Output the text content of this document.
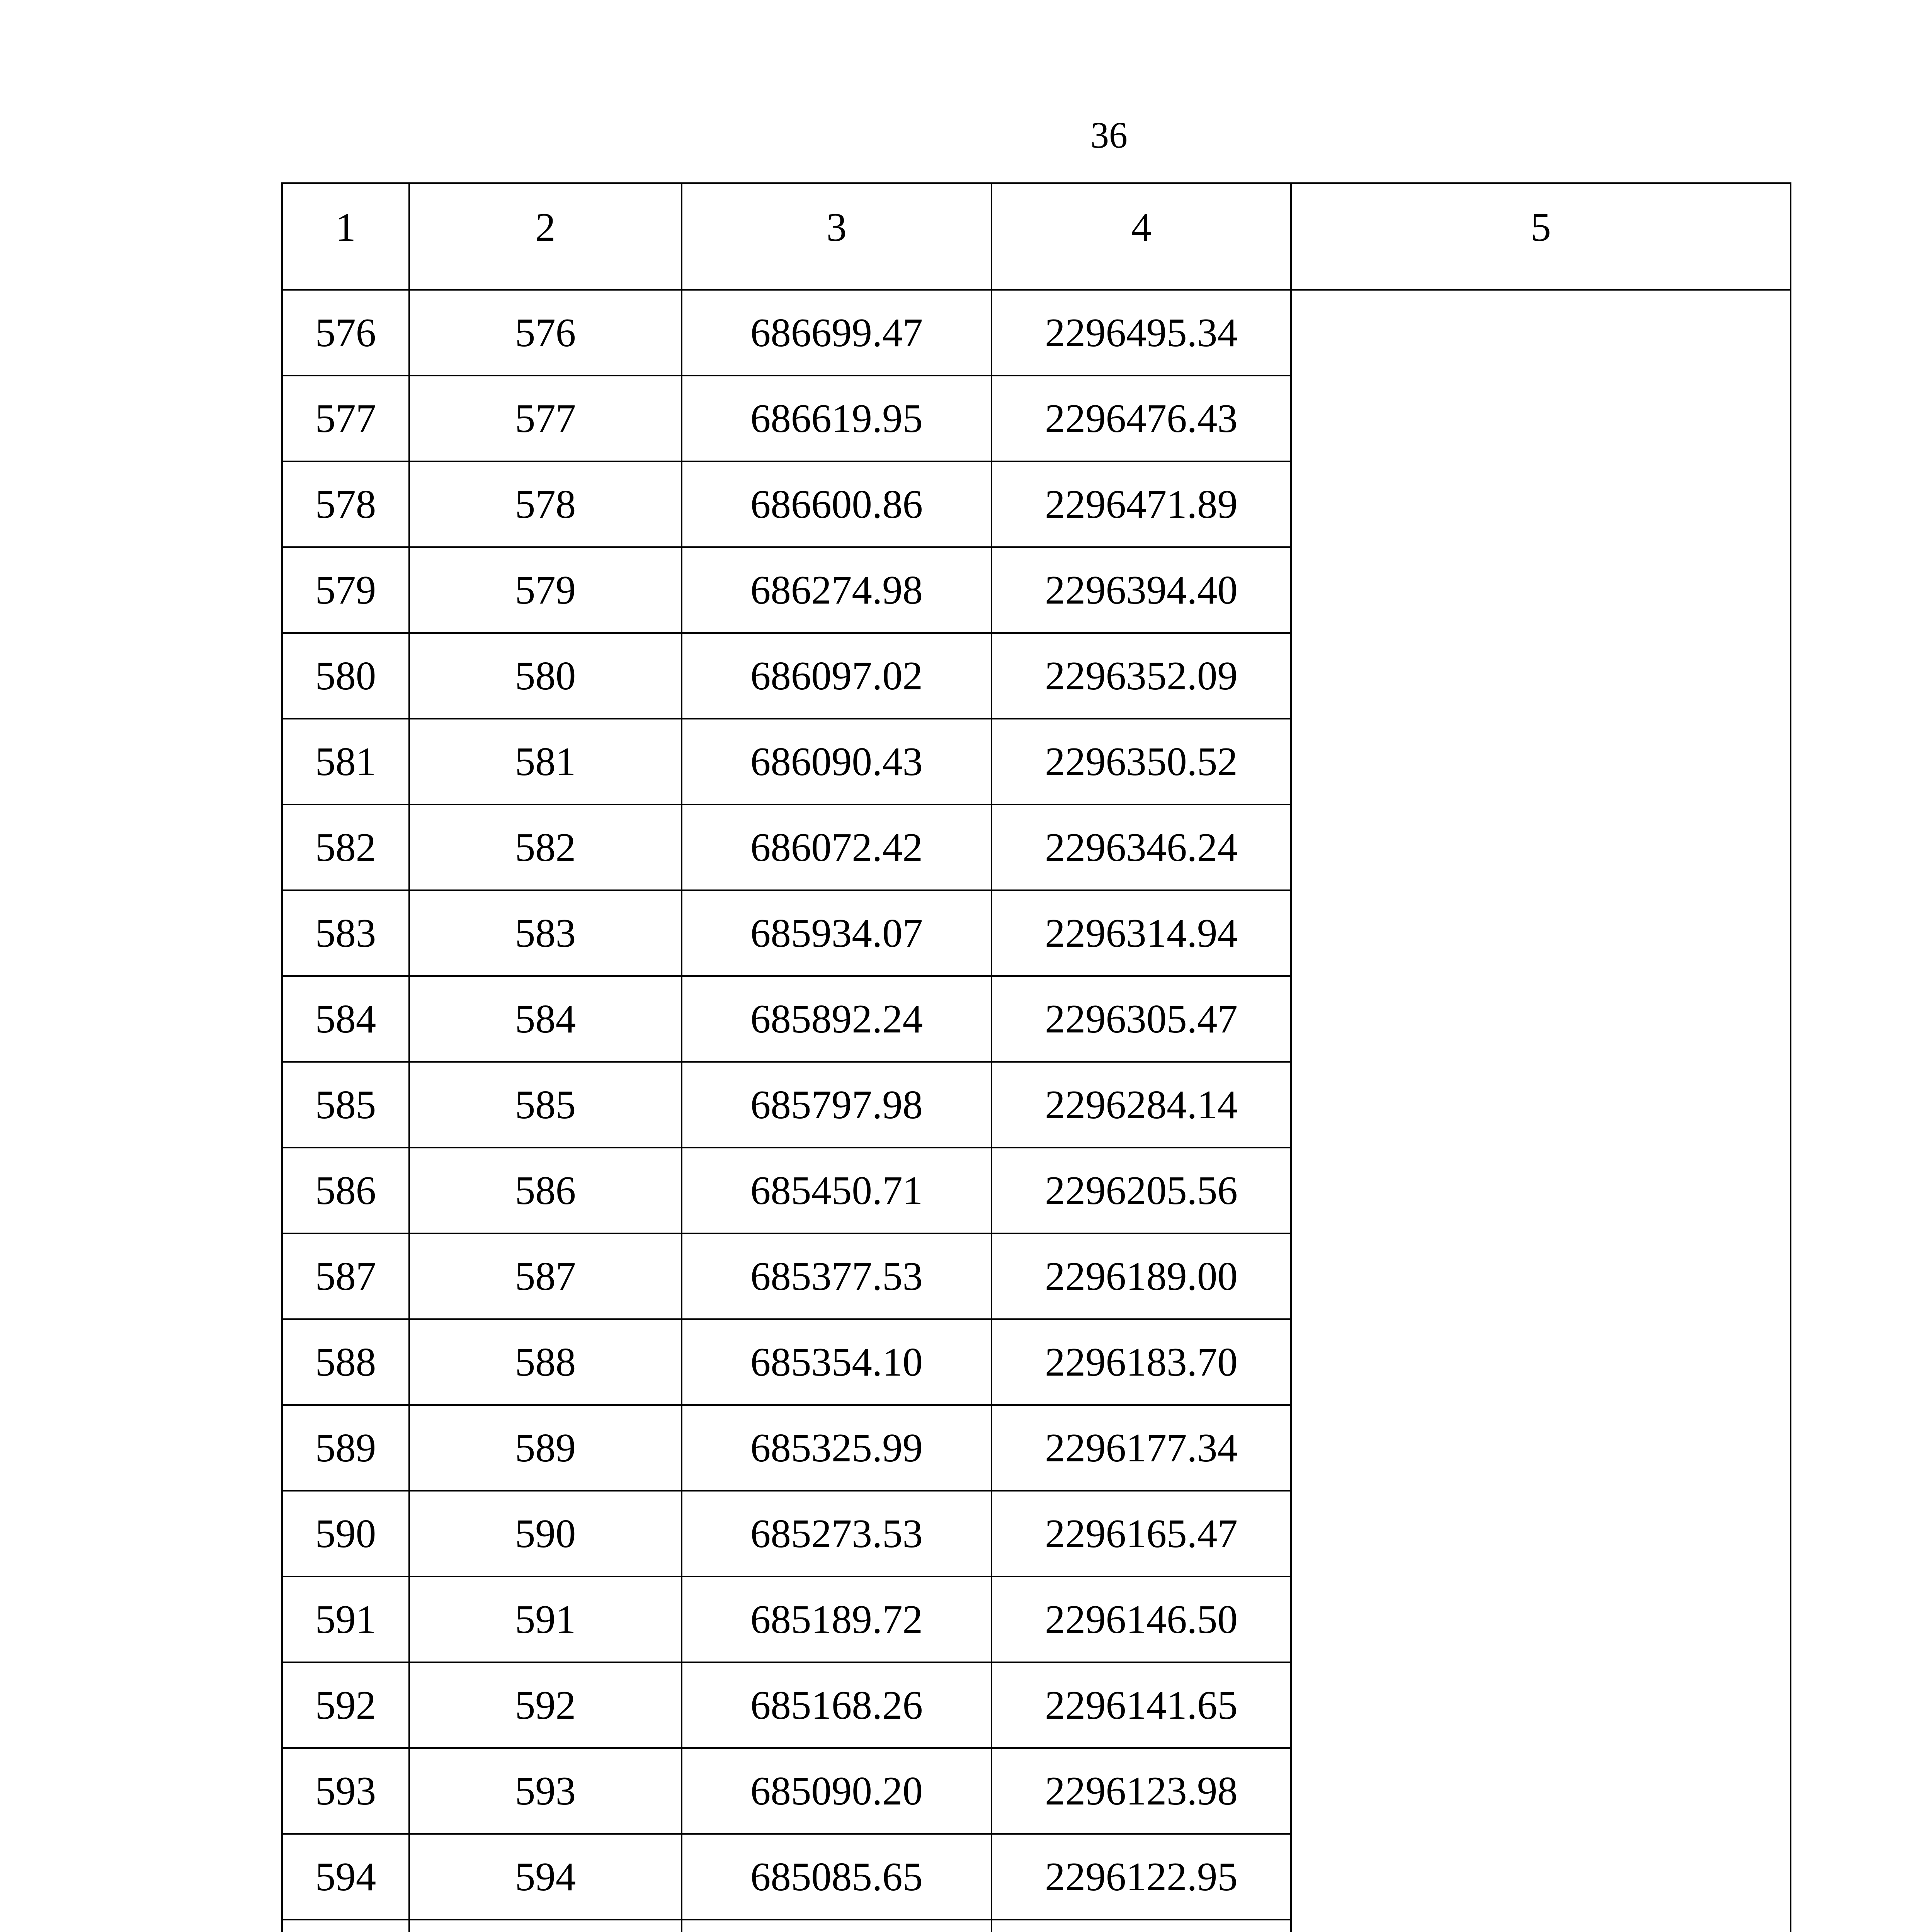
36
1	2	3	4	5
576	576	686699.47	2296495.34	
577	577	686619.95	2296476.43	
578	578	686600.86	2296471.89	
579	579	686274.98	2296394.40	
580	580	686097.02	2296352.09	
581	581	686090.43	2296350.52	
582	582	686072.42	2296346.24	
583	583	685934.07	2296314.94	
584	584	685892.24	2296305.47	
585	585	685797.98	2296284.14	
586	586	685450.71	2296205.56	
587	587	685377.53	2296189.00	
588	588	685354.10	2296183.70	
589	589	685325.99	2296177.34	
590	590	685273.53	2296165.47	
591	591	685189.72	2296146.50	
592	592	685168.26	2296141.65	
593	593	685090.20	2296123.98	
594	594	685085.65	2296122.95	
